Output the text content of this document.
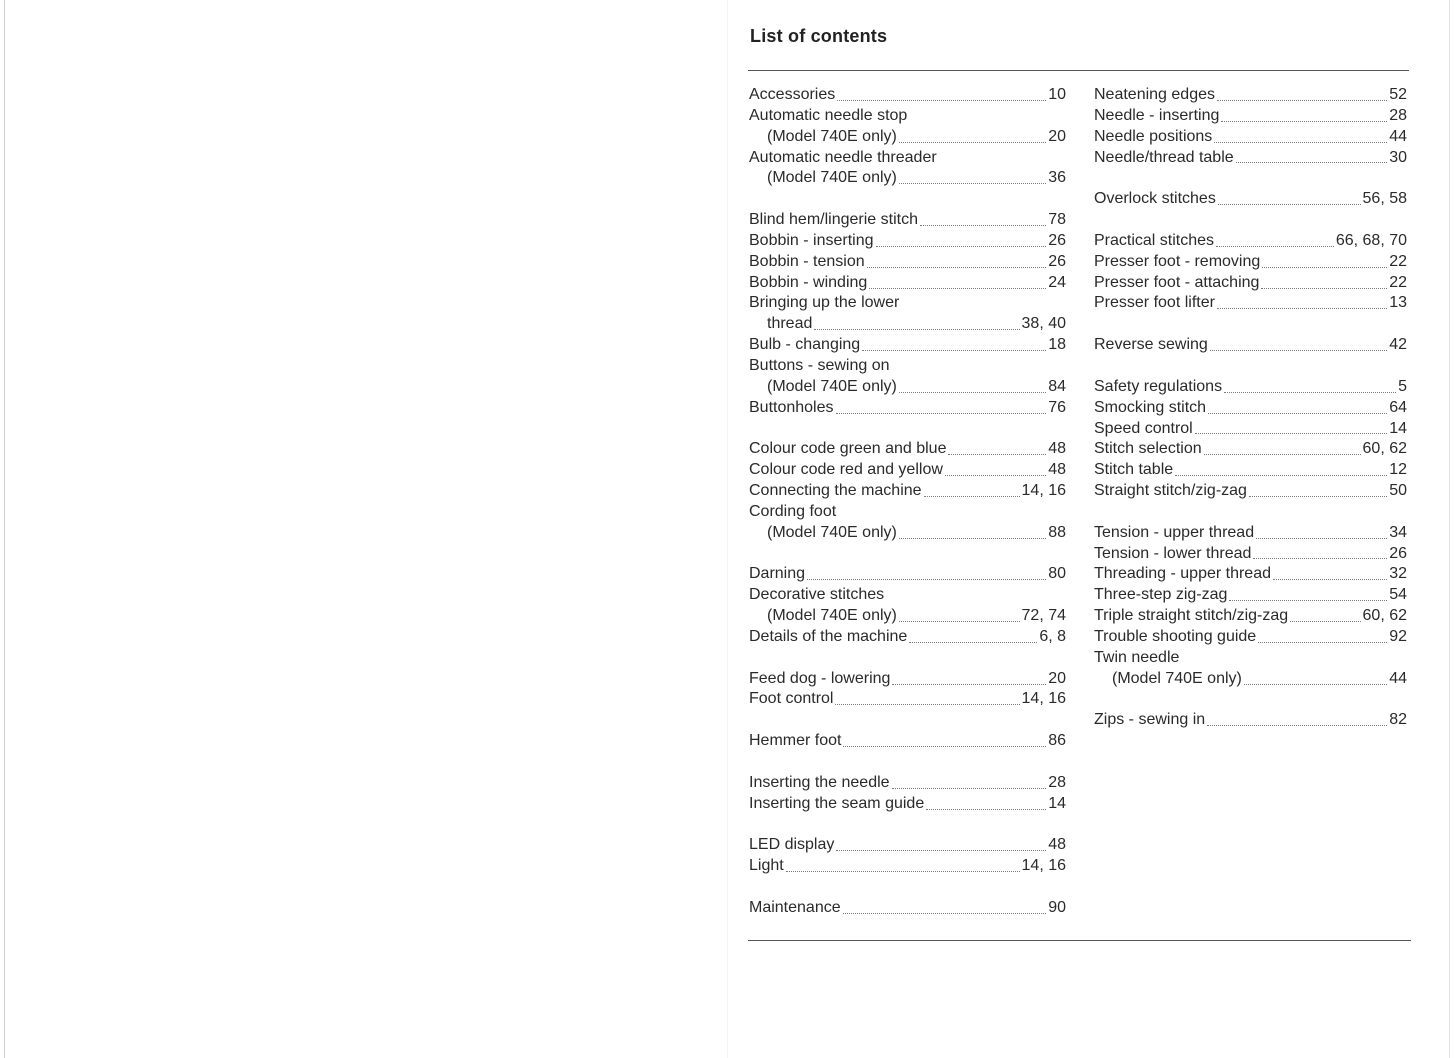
List of contents
Accessories	10
Automatic needle stop
(Model 740E only)	20
Automatic needle threader
(Model 740E only)	36
Blind hem/lingerie stitch	78
Bobbin - inserting	26
Bobbin - tension	26
Bobbin - winding	24
Bringing up the lower
thread	38, 40
Bulb - changing	18
Buttons - sewing on
(Model 740E only)	84
Buttonholes	76
Colour code green and blue	48
Colour code red and yellow	48
Connecting the machine	14, 16
Cording foot
(Model 740E only)	88
Darning	80
Decorative stitches
(Model 740E only)	72, 74
Details of the machine	6, 8
Feed dog - lowering	20
Foot control	14, 16
Hemmer foot	86
Inserting the needle	28
Inserting the seam guide	14
LED display	48
Light	14, 16
Maintenance	90
Neatening edges	52
Needle - inserting	28
Needle positions	44
Needle/thread table	30
Overlock stitches	56, 58
Practical stitches	66, 68, 70
Presser foot - removing	22
Presser foot - attaching	22
Presser foot lifter	13
Reverse sewing	42
Safety regulations	5
Smocking stitch	64
Speed control	14
Stitch selection	60, 62
Stitch table	12
Straight stitch/zig-zag	50
Tension - upper thread	34
Tension - lower thread	26
Threading - upper thread	32
Three-step zig-zag	54
Triple straight stitch/zig-zag	60, 62
Trouble shooting guide	92
Twin needle
(Model 740E only)	44
Zips - sewing in	82
